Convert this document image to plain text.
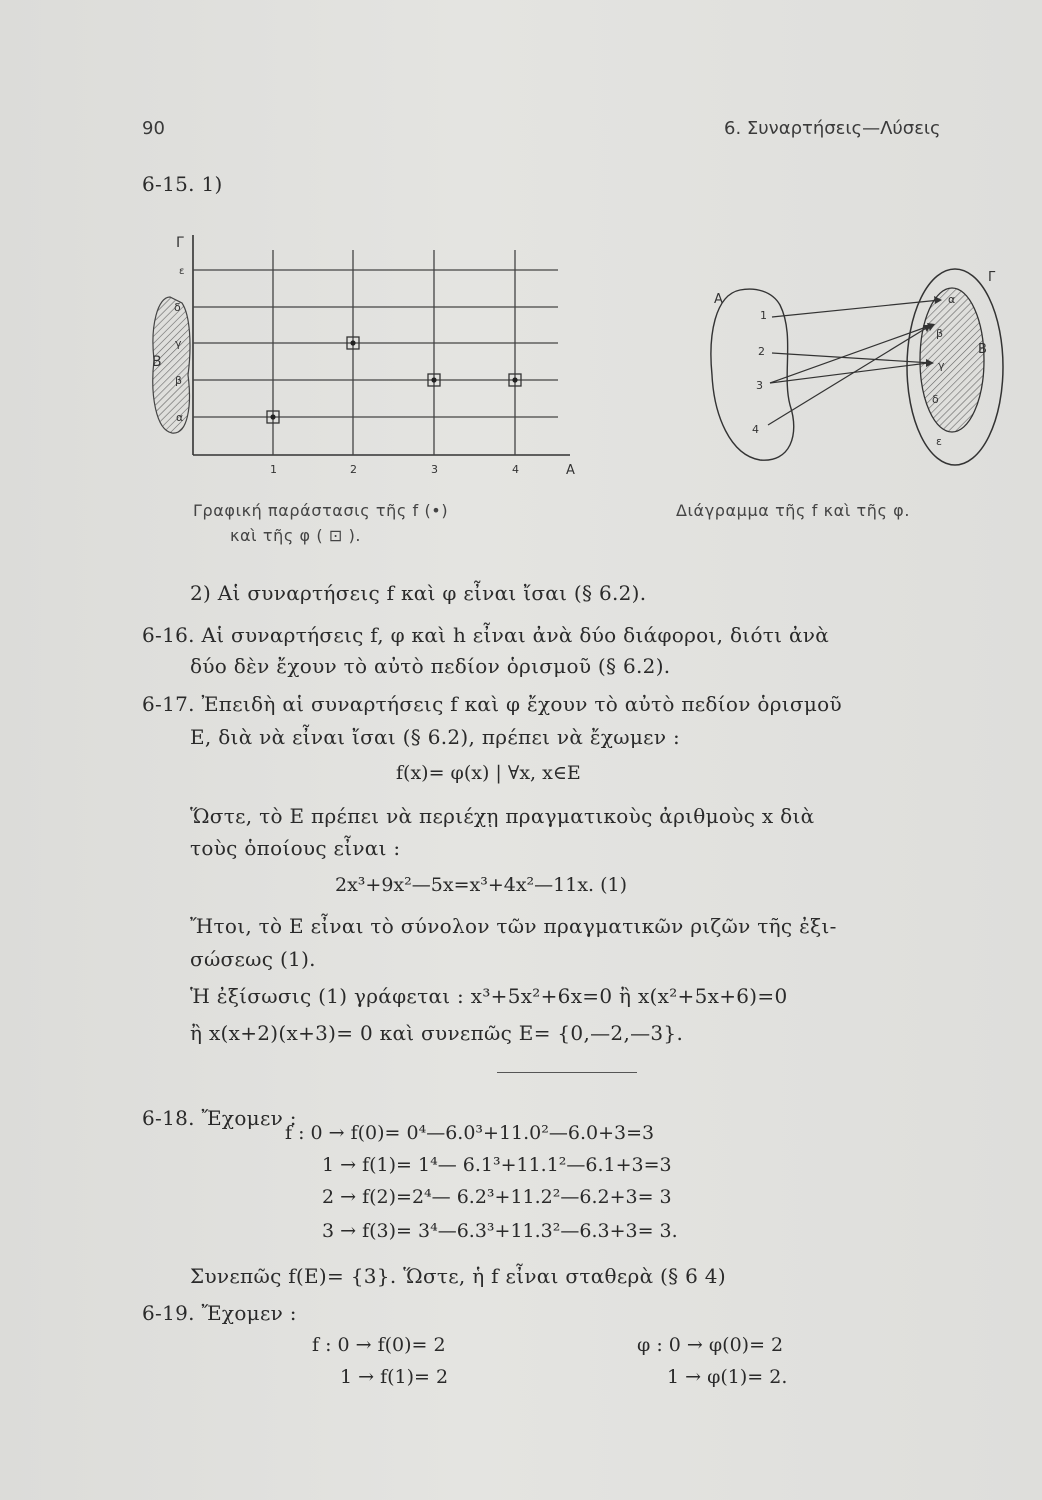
90	6. Συναρτήσεις—Λύσεις
6-15. 1)
Γ
ε
δ
γ
β
α
Β
1	2	3	4	A
Γραφική παράστασις τῆς f (•)
καὶ τῆς φ ( ⊡ ).
A
1
2
3
4
Γ
B
α
β
γ
δ
ε
Διάγραμμα τῆς f καὶ τῆς φ.
2) Αἱ συναρτήσεις f καὶ φ εἶναι ἴσαι (§ 6.2).
6-16. Αἱ συναρτήσεις f, φ καὶ h εἶναι ἀνὰ δύο διάφοροι, διότι ἀνὰ
δύο δὲν ἔχουν τὸ αὐτὸ πεδίον ὁρισμοῦ (§ 6.2).
6-17. Ἐπειδὴ αἱ συναρτήσεις f καὶ φ ἔχουν τὸ αὐτὸ πεδίον ὁρισμοῦ
E, διὰ νὰ εἶναι ἴσαι (§ 6.2), πρέπει νὰ ἔχωμεν :
f(x)= φ(x) | ∀x, x∈E
Ὥστε, τὸ E πρέπει νὰ περιέχῃ πραγματικοὺς ἀριθμοὺς x διὰ
τοὺς ὁποίους εἶναι :
2x³+9x²—5x=x³+4x²—11x. (1)
Ἤτοι, τὸ E εἶναι τὸ σύνολον τῶν πραγματικῶν ριζῶν τῆς ἐξι-
σώσεως (1).
Ἡ ἐξίσωσις (1) γράφεται : x³+5x²+6x=0 ἢ x(x²+5x+6)=0
ἢ x(x+2)(x+3)= 0 καὶ συνεπῶς E= {0,—2,—3}.
6-18. Ἔχομεν :
f : 0 → f(0)= 0⁴—6.0³+11.0²—6.0+3=3
1 → f(1)= 1⁴— 6.1³+11.1²—6.1+3=3
2 → f(2)=2⁴— 6.2³+11.2²—6.2+3= 3
3 → f(3)= 3⁴—6.3³+11.3²—6.3+3= 3.
Συνεπῶς f(E)= {3}. Ὥστε, ἡ f εἶναι σταθερὰ (§ 6 4)
6-19. Ἔχομεν :
f : 0 → f(0)= 2
1 → f(1)= 2
φ : 0 → φ(0)= 2
1 → φ(1)= 2.
